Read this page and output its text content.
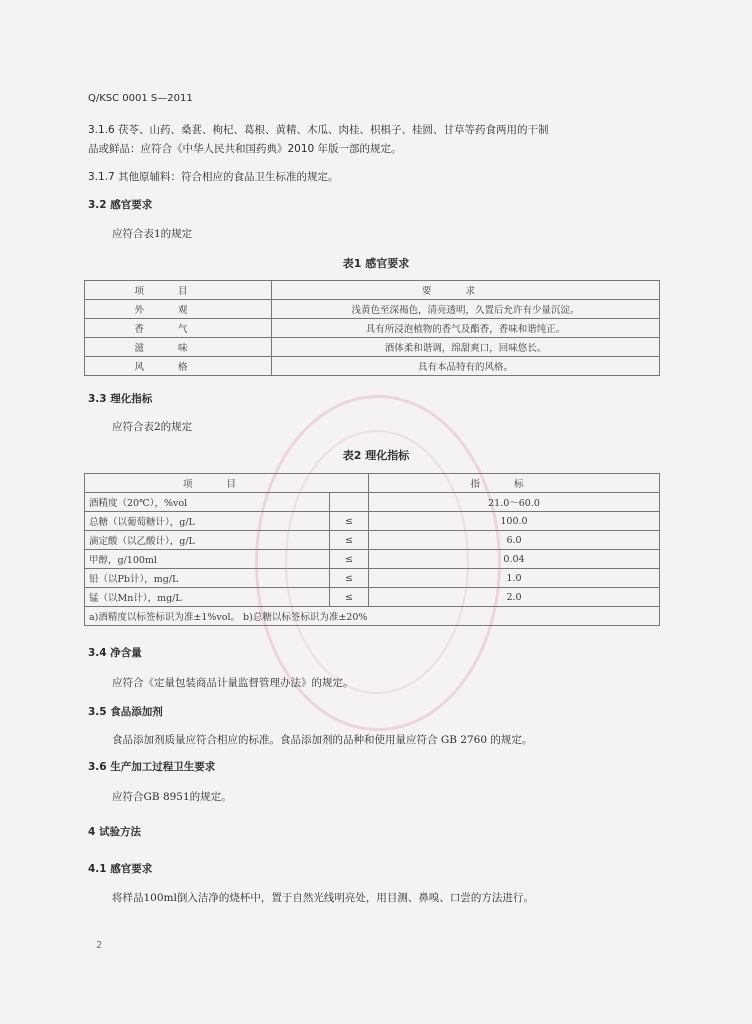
Q/KSC 0001 S—2011
3.1.6 茯苓、山药、桑葚、枸杞、葛根、黄精、木瓜、肉桂、枳椇子、桂圆、甘草等药食两用的干制
品或鲜品：应符合《中华人民共和国药典》2010 年版一部的规定。
3.1.7 其他原辅料：符合相应的食品卫生标准的规定。
3.2 感官要求
应符合表1的规定
表1 感官要求
项目	要求
外观	浅黄色至深褐色，清亮透明，久置后允许有少量沉淀。
香气	具有所浸泡植物的香气及酯香，香味和谐纯正。
滋味	酒体柔和谐调，绵甜爽口，回味悠长。
风格	具有本品特有的风格。
3.3 理化指标
应符合表2的规定
表2 理化指标
项目		指标
酒精度（20℃），%vol		21.0～60.0
总糖（以葡萄糖计），g/L	≤	100.0
滴定酸（以乙酸计），g/L	≤	6.0
甲醇，g/100ml	≤	0.04
铅（以Pb计），mg/L	≤	1.0
锰（以Mn计），mg/L	≤	2.0
a)酒精度以标签标识为准±1%vol。 b)总糖以标签标识为准±20%		
3.4 净含量
应符合《定量包装商品计量监督管理办法》的规定。
3.5 食品添加剂
食品添加剂质量应符合相应的标准。食品添加剂的品种和使用量应符合 GB 2760 的规定。
3.6 生产加工过程卫生要求
应符合GB 8951的规定。
4 试验方法
4.1 感官要求
将样品100ml倒入洁净的烧杯中，置于自然光线明亮处，用目测、鼻嗅、口尝的方法进行。
2
